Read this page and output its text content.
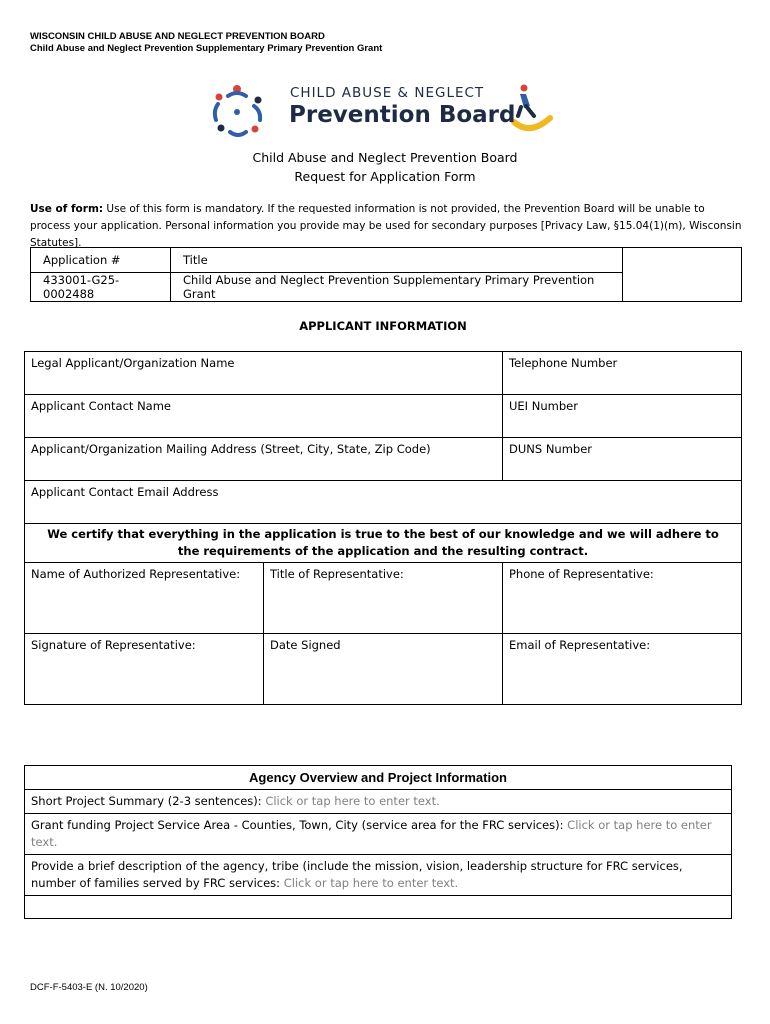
WISCONSIN CHILD ABUSE AND NEGLECT PREVENTION BOARD
Child Abuse and Neglect Prevention Supplementary Primary Prevention Grant
CHILD ABUSE & NEGLECT
Prevention Board
Child Abuse and Neglect Prevention Board
Request for Application Form
Use of form: Use of this form is mandatory. If the requested information is not provided, the Prevention Board will be unable to process your application. Personal information you provide may be used for secondary purposes [Privacy Law, §15.04(1)(m), Wisconsin Statutes].
Application #	Title	
433001-G25-0002488	Child Abuse and Neglect Prevention Supplementary Primary Prevention Grant	
APPLICANT INFORMATION
Legal Applicant/Organization Name		Telephone Number
Applicant Contact Name		UEI Number
Applicant/Organization Mailing Address (Street, City, State, Zip Code)		DUNS Number
Applicant Contact Email Address		
We certify that everything in the application is true to the best of our knowledge and we will adhere to the requirements of the application and the resulting contract.		
Name of Authorized Representative:	Title of Representative:	Phone of Representative:
Signature of Representative:	Date Signed	Email of Representative:
Agency Overview and Project Information
Short Project Summary (2-3 sentences): Click or tap here to enter text.
Grant funding Project Service Area - Counties, Town, City (service area for the FRC services): Click or tap here to enter text.
Provide a brief description of the agency, tribe (include the mission, vision, leadership structure for FRC services, number of families served by FRC services: Click or tap here to enter text.

DCF-F-5403-E (N. 10/2020)
